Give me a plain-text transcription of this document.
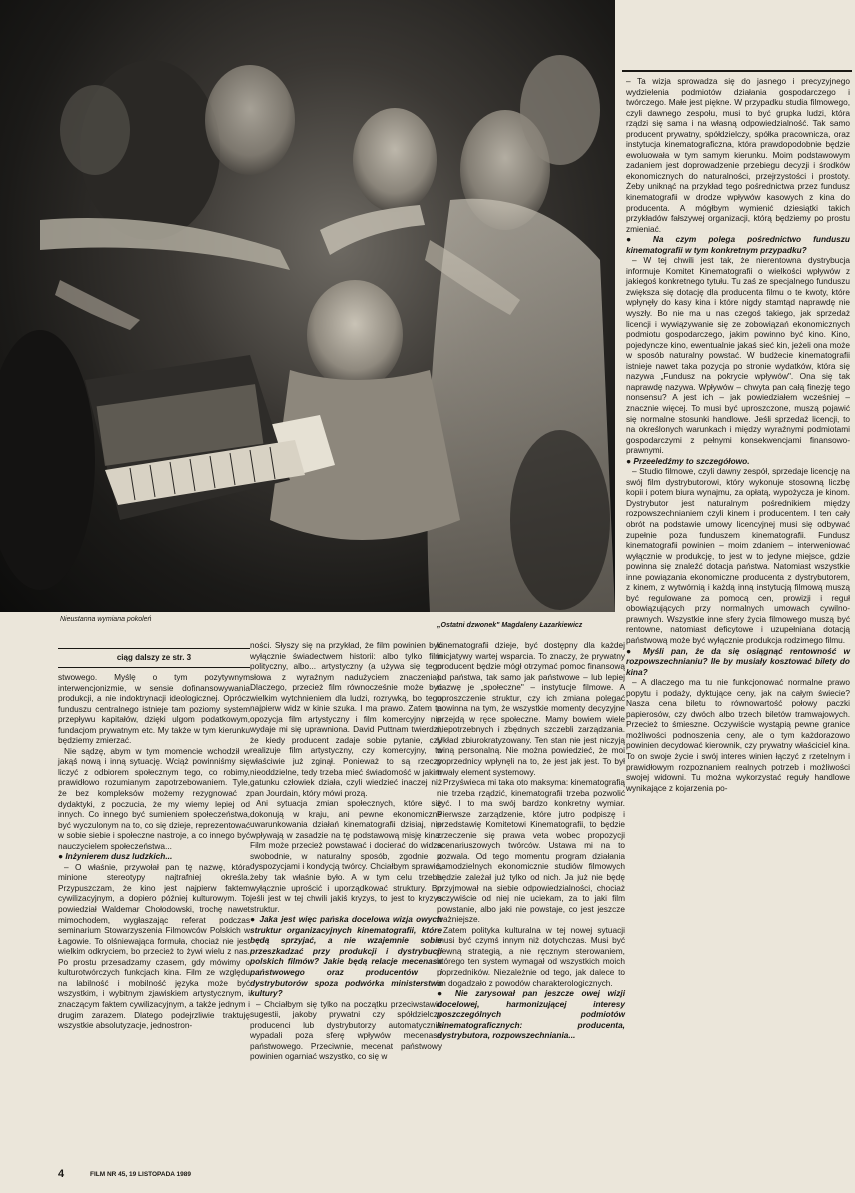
Nieustanna wymiana pokoleń
„Ostatni dzwonek" Magdaleny Łazarkiewicz

– Ta wizja sprowadza się do jasnego i precyzyjnego wydzielenia podmiotów działania gospodarczego i twórczego. Małe jest piękne. W przypadku studia filmowego, czyli dawnego zespołu, musi to być grupka ludzi, która rządzi się sama i na własną odpowiedzialność. Tak samo producent prywatny, spółdzielczy, spółka pracownicza, oraz instytucja kinematograficzna, która prawdopodobnie będzie ewoluowała w tym samym kierunku. Moim podstawowym zadaniem jest doprowadzenie przebiegu decyzji i środków ekonomicznych do naturalności, przejrzystości i prostoty. Żeby uniknąć na przykład tego pośrednictwa przez fundusz kinematografii w drodze wpływów kasowych z kina do producenta. A mógłbym wymienić dziesiątki takich przykładów fałszywej organizacji, którą będziemy po prostu zmieniać.

● Na czym polega pośrednictwo funduszu kinematografii w tym konkretnym przypadku?

– W tej chwili jest tak, że nierentowna dystrybucja informuje Komitet Kinematografii o wielkości wpływów z jakiegoś konkretnego tytułu. Tu zaś ze specjalnego funduszu zwiększa się dotację dla producenta filmu o te kwoty, które wpłynęły do kasy kina i które nigdy stamtąd naprawdę nie wyszły. Bo nie ma u nas czegoś takiego, jak sprzedaż licencji i wywiązywanie się ze zobowiązań ekonomicznych podmiotu gospodarczego, jakim powinno być kino. Kino, pojedyncze kino, ewentualnie jakaś sieć kin, jeżeli ona może w sposób naturalny powstać. W budżecie kinematografii istnieje nawet taka pozycja po stronie wydatków, która się nazywa „Fundusz na pokrycie wpływów". Ona się tak naprawdę nazywa. Wpływów – chwyta pan całą finezję tego nonsensu? A jest ich – jak powiedziałem wcześniej – znacznie więcej. To musi być uproszczone, muszą pojawić się normalne stosunki handlowe. Jeśli sprzedaż licencji, to na określonych warunkach i między wyraźnymi podmiotami gospodarczymi z pełnymi konsekwencjami finansowo-prawnymi.

● Przeeledźmy to szczegółowo.

– Studio filmowe, czyli dawny zespół, sprzedaje licencję na swój film dystrybutorowi, który wykonuje stosowną liczbę kopii i potem biura wynajmu, za opłatą, wypożycza je kinom. Dystrybutor jest naturalnym pośrednikiem między rozpowszechnianiem czyli kinem i producentem. I ten cały obrót na podstawie umowy licencyjnej musi się odbywać zupełnie poza funduszem kinematografii. Fundusz kinematografii powinien – moim zdaniem – interweniować wyłącznie w produkcję, to jest w to jedyne miejsce, gdzie powinna się znaleźć dotacja państwa. Natomiast wszystkie inne powiązania ekonomiczne producenta z dystrybutorem, z kinem, z wytwórnią i każdą inną instytucją filmową muszą być regulowane za pomocą cen, prowizji i reguł obowiązujących przy normalnych umowach cywilno-prawnych. Wszystkie inne sfery życia filmowego muszą być rentowne, natomiast deficytowe i uzupełniana dotacją państwową może być wyłącznie produkcja rodzimego filmu.

● Myśli pan, że da się osiągnąć rentowność w rozpowszechnianiu? Ile by musiały kosztować bilety do kina?

– A dlaczego ma tu nie funkcjonować normalne prawo popytu i podaży, dyktujące ceny, jak na całym świecie? Nasza cena biletu to równowartość połowy paczki papierosów, czy dwóch albo trzech biletów tramwajowych. Przecież to śmieszne. Oczywiście wystąpią pewne granice możliwości podnoszenia ceny, ale o tym każdorazowo powinien decydować kierownik, czy prywatny właściciel kina. To on swoje życie i swój interes winien łączyć z rzetelnym i prawidłowym rozpoznaniem realnych potrzeb i możliwości swojej widowni. Tu można wykorzystać reguły handlowe wynikające z kojarzenia po-

ciąg dalszy ze str. 3

stwowego. Myślę o tym pozytywnym interwencjonizmie, w sensie dofinansowywania produkcji, a nie indoktrynacji ideologicznej. Oprócz funduszu centralnego istnieje tam poziomy system przepływu kapitałów, dzięki ulgom podatkowym, fundacjom prywatnym etc. My także w tym kierunku będziemy zmierzać.

Nie sądzę, abym w tym momencie wchodził w jakąś nową i inną sytuację. Wciąż powinniśmy się liczyć z odbiorem społecznym tego, co robimy, prawidłowo rozumianym zapotrzebowaniem. Tyle, że bez kompleksów możemy rezygnować z dydaktyki, z poczucia, że my wiemy lepiej od innych. Co innego być sumieniem społeczeństwa, być wyczulonym na to, co się dzieje, reprezentować w sobie siebie i społeczne nastroje, a co innego być nauczycielem społeczeństwa...

● Inżynierem dusz ludzkich...

– O właśnie, przywołał pan tę nazwę, która minione stereotypy najtrafniej określa. Przypuszczam, że kino jest najpierw faktem cywilizacyjnym, a dopiero później kulturowym. To powiedział Waldemar Chołodowski, trochę nawet mimochodem, wygłaszając referat podczas seminarium Stowarzyszenia Filmowców Polskich w Łagowie. To olśniewająca formuła, chociaż nie jest wielkim odkryciem, bo przecież to żywi wielu z nas. Po prostu przesadzamy czasem, gdy mówimy o kulturotwórczych funkcjach kina. Film ze względu na labilność i mobilność języka może być wszystkim, i wybitnym zjawiskiem artystycznym, i znaczącym faktem cywilizacyjnym, a także jednym i drugim zarazem. Dlatego podejrzliwie traktuję wszystkie absolutyzacje, jednostron-

ności. Słyszy się na przykład, że film powinien być wyłącznie świadectwem historii: albo tylko film polityczny, albo... artystyczny (a używa się tego słowa z wyraźnym nadużyciem znaczenia). Dlaczego, przecież film równocześnie może być wielkim wytchnieniem dla ludzi, rozrywką, bo tego najpierw widz w kinie szuka. I ma prawo. Zatem ta opozycja film artystyczny i film komercyjny nie wydaje mi się uprawniona. David Puttnam twierdzi, że kiedy producent zadaje sobie pytanie, czy realizuje film artystyczny, czy komercyjny, to właściwie już zginął. Ponieważ to są rzeczy nieoddzielne, tedy trzeba mieć świadomość w jakim gatunku człowiek działa, czyli wiedzieć inaczej niż pan Jourdain, który mówi prozą.

Ani sytuacja zmian społecznych, które się dokonują w kraju, ani pewne ekonomiczne uwarunkowania działań kinematografii dzisiaj, nie wpływają w zasadzie na tę podstawową misję kina. Film może przecież powstawać i docierać do widza swobodnie, w naturalny sposób, zgodnie z dyspozycjami i kondycją twórcy. Chciałbym sprawić, żeby tak właśnie było. A w tym celu trzeba wyłącznie uprościć i uporządkować struktury. Bo jeśli jest w tej chwili jakiś kryzys, to jest to kryzys struktur.

● Jaka jest więc pańska docelowa wizja owych struktur organizacyjnych kinematografii, które będą sprzyjać, a nie wzajemnie sobie przeszkadzać przy produkcji i dystrybucji polskich filmów? Jakie będą relacje mecenasa państwowego oraz producentów i dystrybutorów spoza podwórka ministerstwa kultury?

– Chciałbym się tylko na początku przeciwstawić sugestii, jakoby prywatni czy spółdzielczy producenci lub dystrybutorzy automatycznie wypadali poza sferę wpływów mecenasa państwowego. Przeciwnie, mecenat państwowy powinien ogarniać wszystko, co się w

kinematografii dzieje, być dostępny dla każdej inicjatywy wartej wsparcia. To znaczy, że prywatny producent będzie mógł otrzymać pomoc finansową od państwa, tak samo jak państwowe – lub lepiej nazwę je „społeczne" – instytucje filmowe. A uproszczenie struktur, czy ich zmiana polegać powinna na tym, że wszystkie momenty decyzyjne przejdą w ręce społeczne. Mamy bowiem wiele niepotrzebnych i zbędnych szczebli zarządzania. Układ zbiurokratyzowany. Ten stan nie jest niczyją winą personalną. Nie można powiedzieć, że moi poprzednicy wpłynęli na to, że jest jak jest. To był trwały element systemowy.

Przyświeca mi taka oto maksyma: kinematografią nie trzeba rządzić, kinematografii trzeba pozwolić żyć. I to ma swój bardzo konkretny wymiar. Pierwsze zarządzenie, które jutro podpiszę i przedstawię Komitetowi Kinematografii, to będzie zrzeczenie się prawa veta wobec propozycji scenariuszowych twórców. Ustawa mi na to pozwala. Od tego momentu program działania samodzielnych ekonomicznie studiów filmowych będzie zależał już tylko od nich. Ja już nie będę przyjmował na siebie odpowiedzialności, chociaż oczywiście od niej nie uciekam, za to jaki film powstanie, albo jaki nie powstaje, co jest jeszcze ważniejsze.

Zatem polityka kulturalna w tej nowej sytuacji musi być czymś innym niż dotychczas. Musi być pewną strategią, a nie ręcznym sterowaniem, którego ten system wymagał od wszystkich moich poprzedników. Niezależnie od tego, jak dalece to im dogadzało z powodów charakterologicznych.

● Nie zarysował pan jeszcze owej wizji docelowej, harmonizującej interesy poszczególnych podmiotów kinematograficznych: producenta, dystrybutora, rozpowszechniania...

4	FILM NR 45, 19 LISTOPADA 1989
